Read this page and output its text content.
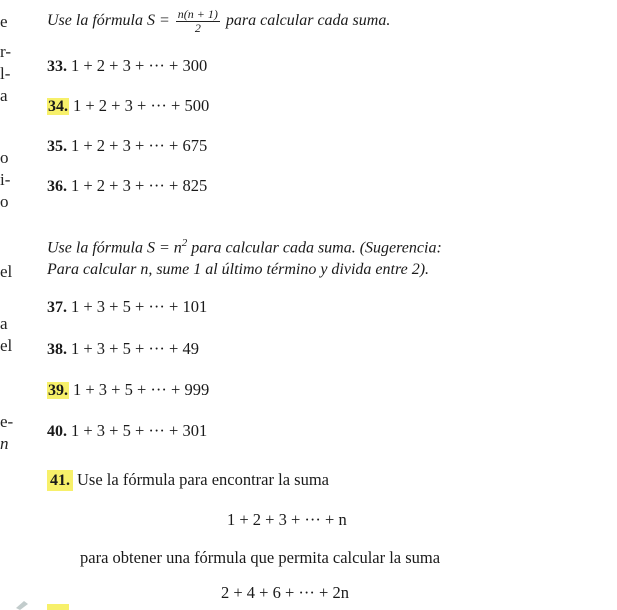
e
r-
l-
a
o
i-
o
el
a
el
e-
n
Use la fórmula $S = \frac{n(n + 1)}{2}$ para calcular cada suma.
33. 1 + 2 + 3 + ··· + 300
34. 1 + 2 + 3 + ··· + 500
35. 1 + 2 + 3 + ··· + 675
36. 1 + 2 + 3 + ··· + 825
Use la fórmula $S = n^2$ para calcular cada suma. (Sugerencia:
Para calcular n, sume 1 al último término y divida entre 2).
37. 1 + 3 + 5 + ··· + 101
38. 1 + 3 + 5 + ··· + 49
39. 1 + 3 + 5 + ··· + 999
40. 1 + 3 + 5 + ··· + 301
41. Use la fórmula para encontrar la suma
1 + 2 + 3 + ··· + n
para obtener una fórmula que permita calcular la suma
2 + 4 + 6 + ··· + 2n
